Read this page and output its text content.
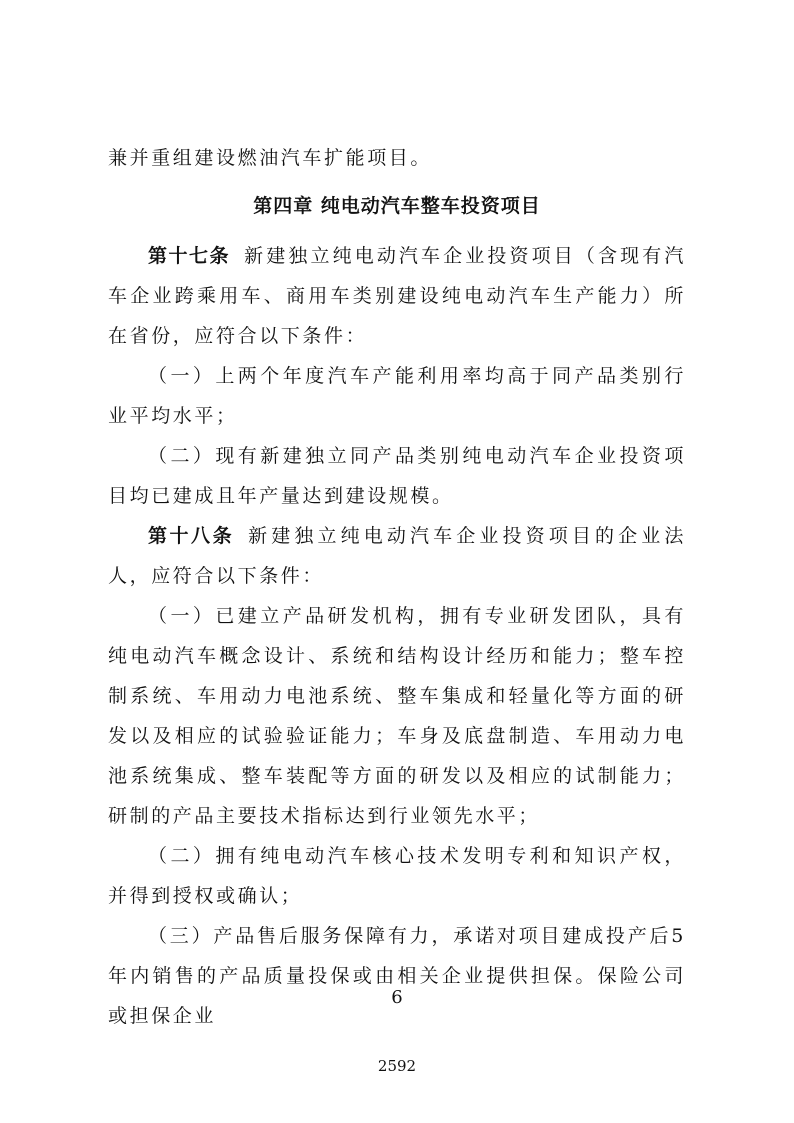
兼并重组建设燃油汽车扩能项目。
第四章 纯电动汽车整车投资项目
第十七条 新建独立纯电动汽车企业投资项目（含现有汽车企业跨乘用车、商用车类别建设纯电动汽车生产能力）所在省份，应符合以下条件：
（一）上两个年度汽车产能利用率均高于同产品类别行业平均水平；
（二）现有新建独立同产品类别纯电动汽车企业投资项目均已建成且年产量达到建设规模。
第十八条 新建独立纯电动汽车企业投资项目的企业法人，应符合以下条件：
（一）已建立产品研发机构，拥有专业研发团队，具有纯电动汽车概念设计、系统和结构设计经历和能力；整车控制系统、车用动力电池系统、整车集成和轻量化等方面的研发以及相应的试验验证能力；车身及底盘制造、车用动力电池系统集成、整车装配等方面的研发以及相应的试制能力；研制的产品主要技术指标达到行业领先水平；
（二）拥有纯电动汽车核心技术发明专利和知识产权，并得到授权或确认；
（三）产品售后服务保障有力，承诺对项目建成投产后5年内销售的产品质量投保或由相关企业提供担保。保险公司或担保企业
6
2592
